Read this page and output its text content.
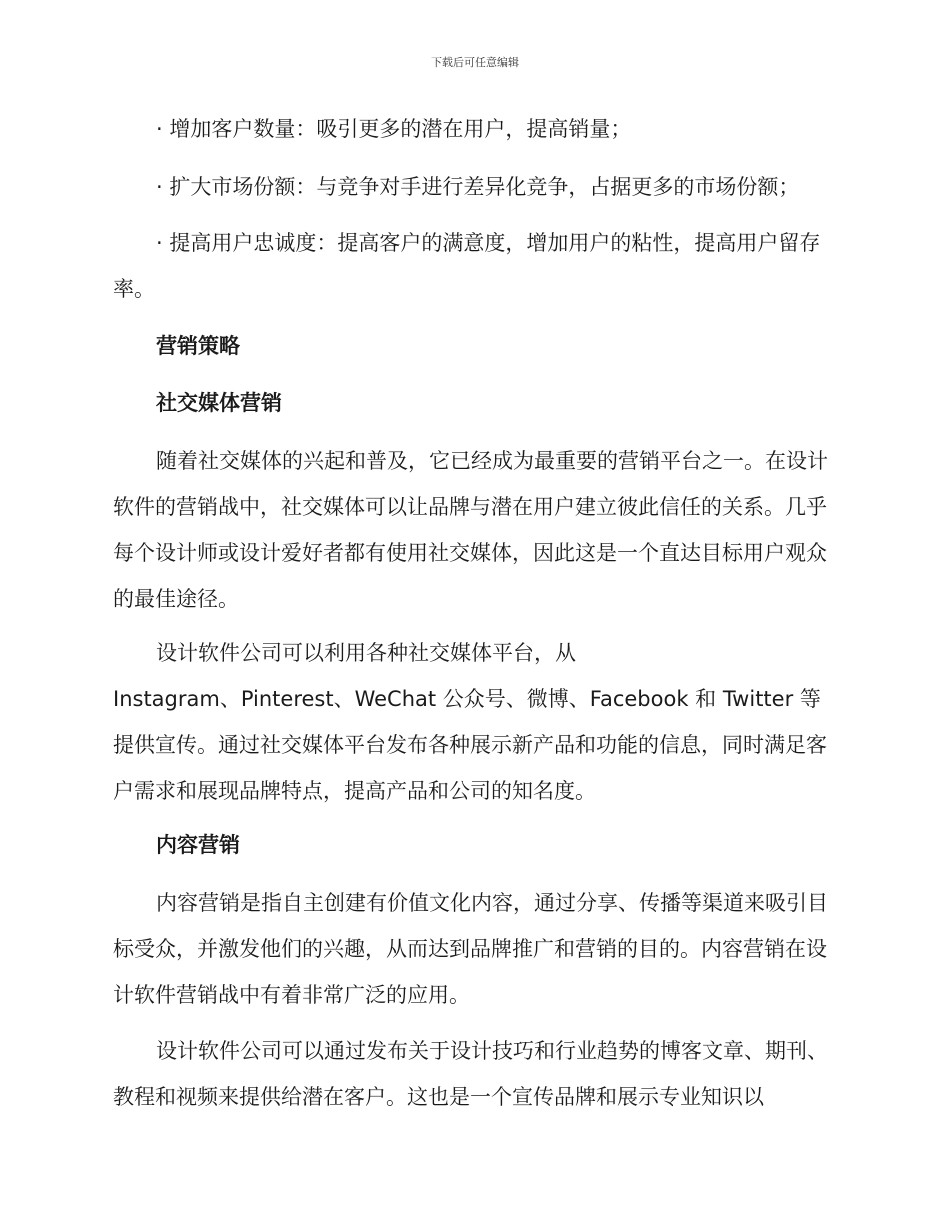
下载后可任意编辑

· 增加客户数量：吸引更多的潜在用户，提高销量；

· 扩大市场份额：与竞争对手进行差异化竞争，占据更多的市场份额；

· 提高用户忠诚度：提高客户的满意度，增加用户的粘性，提高用户留存率。

营销策略
社交媒体营销

随着社交媒体的兴起和普及，它已经成为最重要的营销平台之一。在设计软件的营销战中，社交媒体可以让品牌与潜在用户建立彼此信任的关系。几乎每个设计师或设计爱好者都有使用社交媒体，因此这是一个直达目标用户观众的最佳途径。

设计软件公司可以利用各种社交媒体平台，从
Instagram、Pinterest、WeChat 公众号、微博、Facebook 和 Twitter 等提供宣传。通过社交媒体平台发布各种展示新产品和功能的信息，同时满足客户需求和展现品牌特点，提高产品和公司的知名度。
内容营销

内容营销是指自主创建有价值文化内容，通过分享、传播等渠道来吸引目标受众，并激发他们的兴趣，从而达到品牌推广和营销的目的。内容营销在设计软件营销战中有着非常广泛的应用。

设计软件公司可以通过发布关于设计技巧和行业趋势的博客文章、期刊、教程和视频来提供给潜在客户。这也是一个宣传品牌和展示专业知识以
